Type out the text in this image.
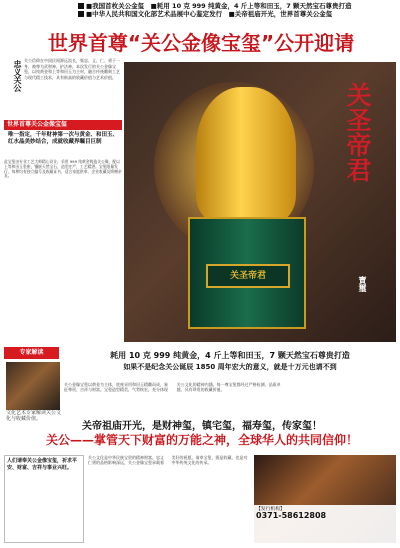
■我国首枚关公金玺　■耗用 10 克 999 纯黄金，4 斤上等和田玉，7 颗天然宝石尊贵打造
■中华人民共和国文化部艺术品展中心鉴定发行　■关帝祖庙开光，世界首尊关公金玺
世界首尊“关公金像宝玺”公开迎请
忠义关公 关公信仰在中国民间源远流长，集忠、义、仁、勇于一身，被尊为武财神、护法神。本次发行的关公金像宝玺，以纯黄金和上等和田玉为主材，融合传统雕刻工艺与现代精工技术，具有极高的收藏价值与艺术价值。
关圣帝君
关圣帝君
寶璽
世界首尊关公金像宝玺
唯一指定，千年财神第一次与黄金、和田玉、红水晶美妙结合，成就收藏界瞩目巨制
此宝玺由专业工艺大师精心设计，采用 999 纯黄金铸造关公像，配以上等和田玉玺座，镶嵌天然宝石，造型庄严，工艺精湛。宝玺限量发行，每尊均有独立编号及收藏证书，适合家庭供奉、企业收藏及馈赠亲友。
专家解读
文化艺术专家解读关公文化与收藏价值。
耗用 10 克 999 纯黄金，4 斤上等和田玉，7 颗天然宝石尊贵打造
如果不是纪念关公诞辰 1850 周年宏大的意义，就是十万元也请不到
关公金像宝玺以黄金为主体，底座采用和田玉精雕而成，象征尊贵、吉祥与财富。宝玺造型精美，气势恢宏，充分体现关公文化的精神内涵。每一尊宝玺都经过严格检测，品质卓越，具有珍贵的收藏价值。
关帝祖庙开光，是财神玺，镇宅玺，福寿玺，传家玺！
关公——掌管天下财富的万能之神，全球华人的共同信仰！
人们请奉关公金像宝玺，祈求平安、财富、吉祥与事业兴旺。
关公文化是中华民族宝贵的精神财富。忠义仁勇的品格影响深远，关公金像宝玺承载着美好的祝愿。请奉宝玺，既是收藏，也是对中华传统文化的传承。
【发行机构】
0371-58612808
